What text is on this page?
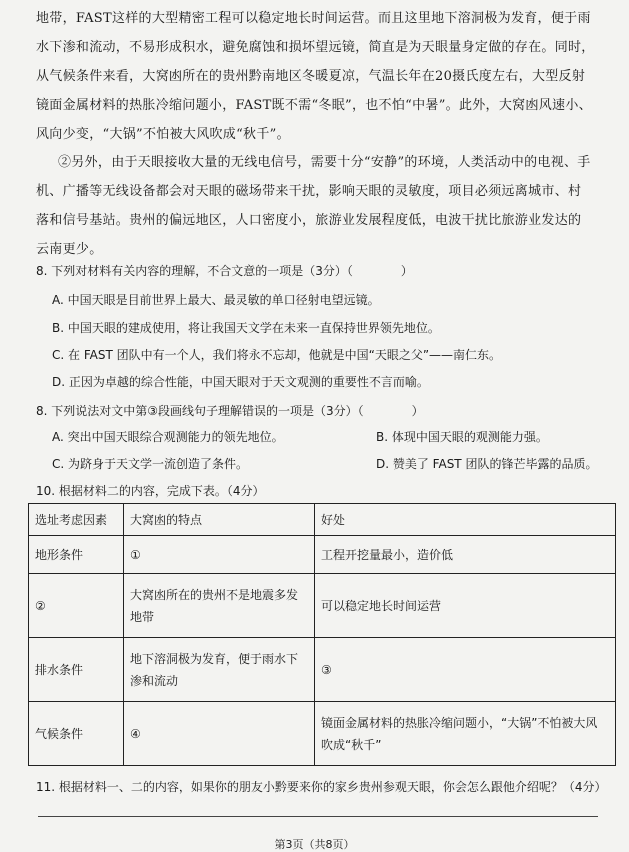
地带，FAST这样的大型精密工程可以稳定地长时间运营。而且这里地下溶洞极为发育，便于雨

水下渗和流动，不易形成积水，避免腐蚀和损坏望远镜，简直是为天眼量身定做的存在。同时，

从气候条件来看，大窝凼所在的贵州黔南地区冬暖夏凉，气温长年在20摄氏度左右，大型反射

镜面金属材料的热胀冷缩问题小，FAST既不需“冬眠”，也不怕“中暑”。此外，大窝凼风速小、

风向少变，“大锅”不怕被大风吹成“秋千”。

②另外，由于天眼接收大量的无线电信号，需要十分“安静”的环境，人类活动中的电视、手

机、广播等无线设备都会对天眼的磁场带来干扰，影响天眼的灵敏度，项目必须远离城市、村

落和信号基站。贵州的偏远地区，人口密度小，旅游业发展程度低，电波干扰比旅游业发达的

云南更少。

8. 下列对材料有关内容的理解，不合文意的一项是（3分）（　　　　）
A. 中国天眼是目前世界上最大、最灵敏的单口径射电望远镜。
B. 中国天眼的建成使用，将让我国天文学在未来一直保持世界领先地位。
C. 在 FAST 团队中有一个人，我们将永不忘却，他就是中国“天眼之父”——南仁东。
D. 正因为卓越的综合性能，中国天眼对于天文观测的重要性不言而喻。
8. 下列说法对文中第③段画线句子理解错误的一项是（3分）（　　　　）
A. 突出中国天眼综合观测能力的领先地位。	B. 体现中国天眼的观测能力强。
C. 为跻身于天文学一流创造了条件。	D. 赞美了 FAST 团队的锋芒毕露的品质。
10. 根据材料二的内容，完成下表。（4分）
选址考虑因素	大窝凼的特点	好处
地形条件	①	工程开挖量最小，造价低
②	大窝凼所在的贵州不是地震多发地带	可以稳定地长时间运营
排水条件	地下溶洞极为发育，便于雨水下渗和流动	③
气候条件	④	镜面金属材料的热胀冷缩问题小，“大锅”不怕被大风吹成“秋千”
11. 根据材料一、二的内容，如果你的朋友小黔要来你的家乡贵州参观天眼，你会怎么跟他介绍呢？（4分）
第3页（共8页）
